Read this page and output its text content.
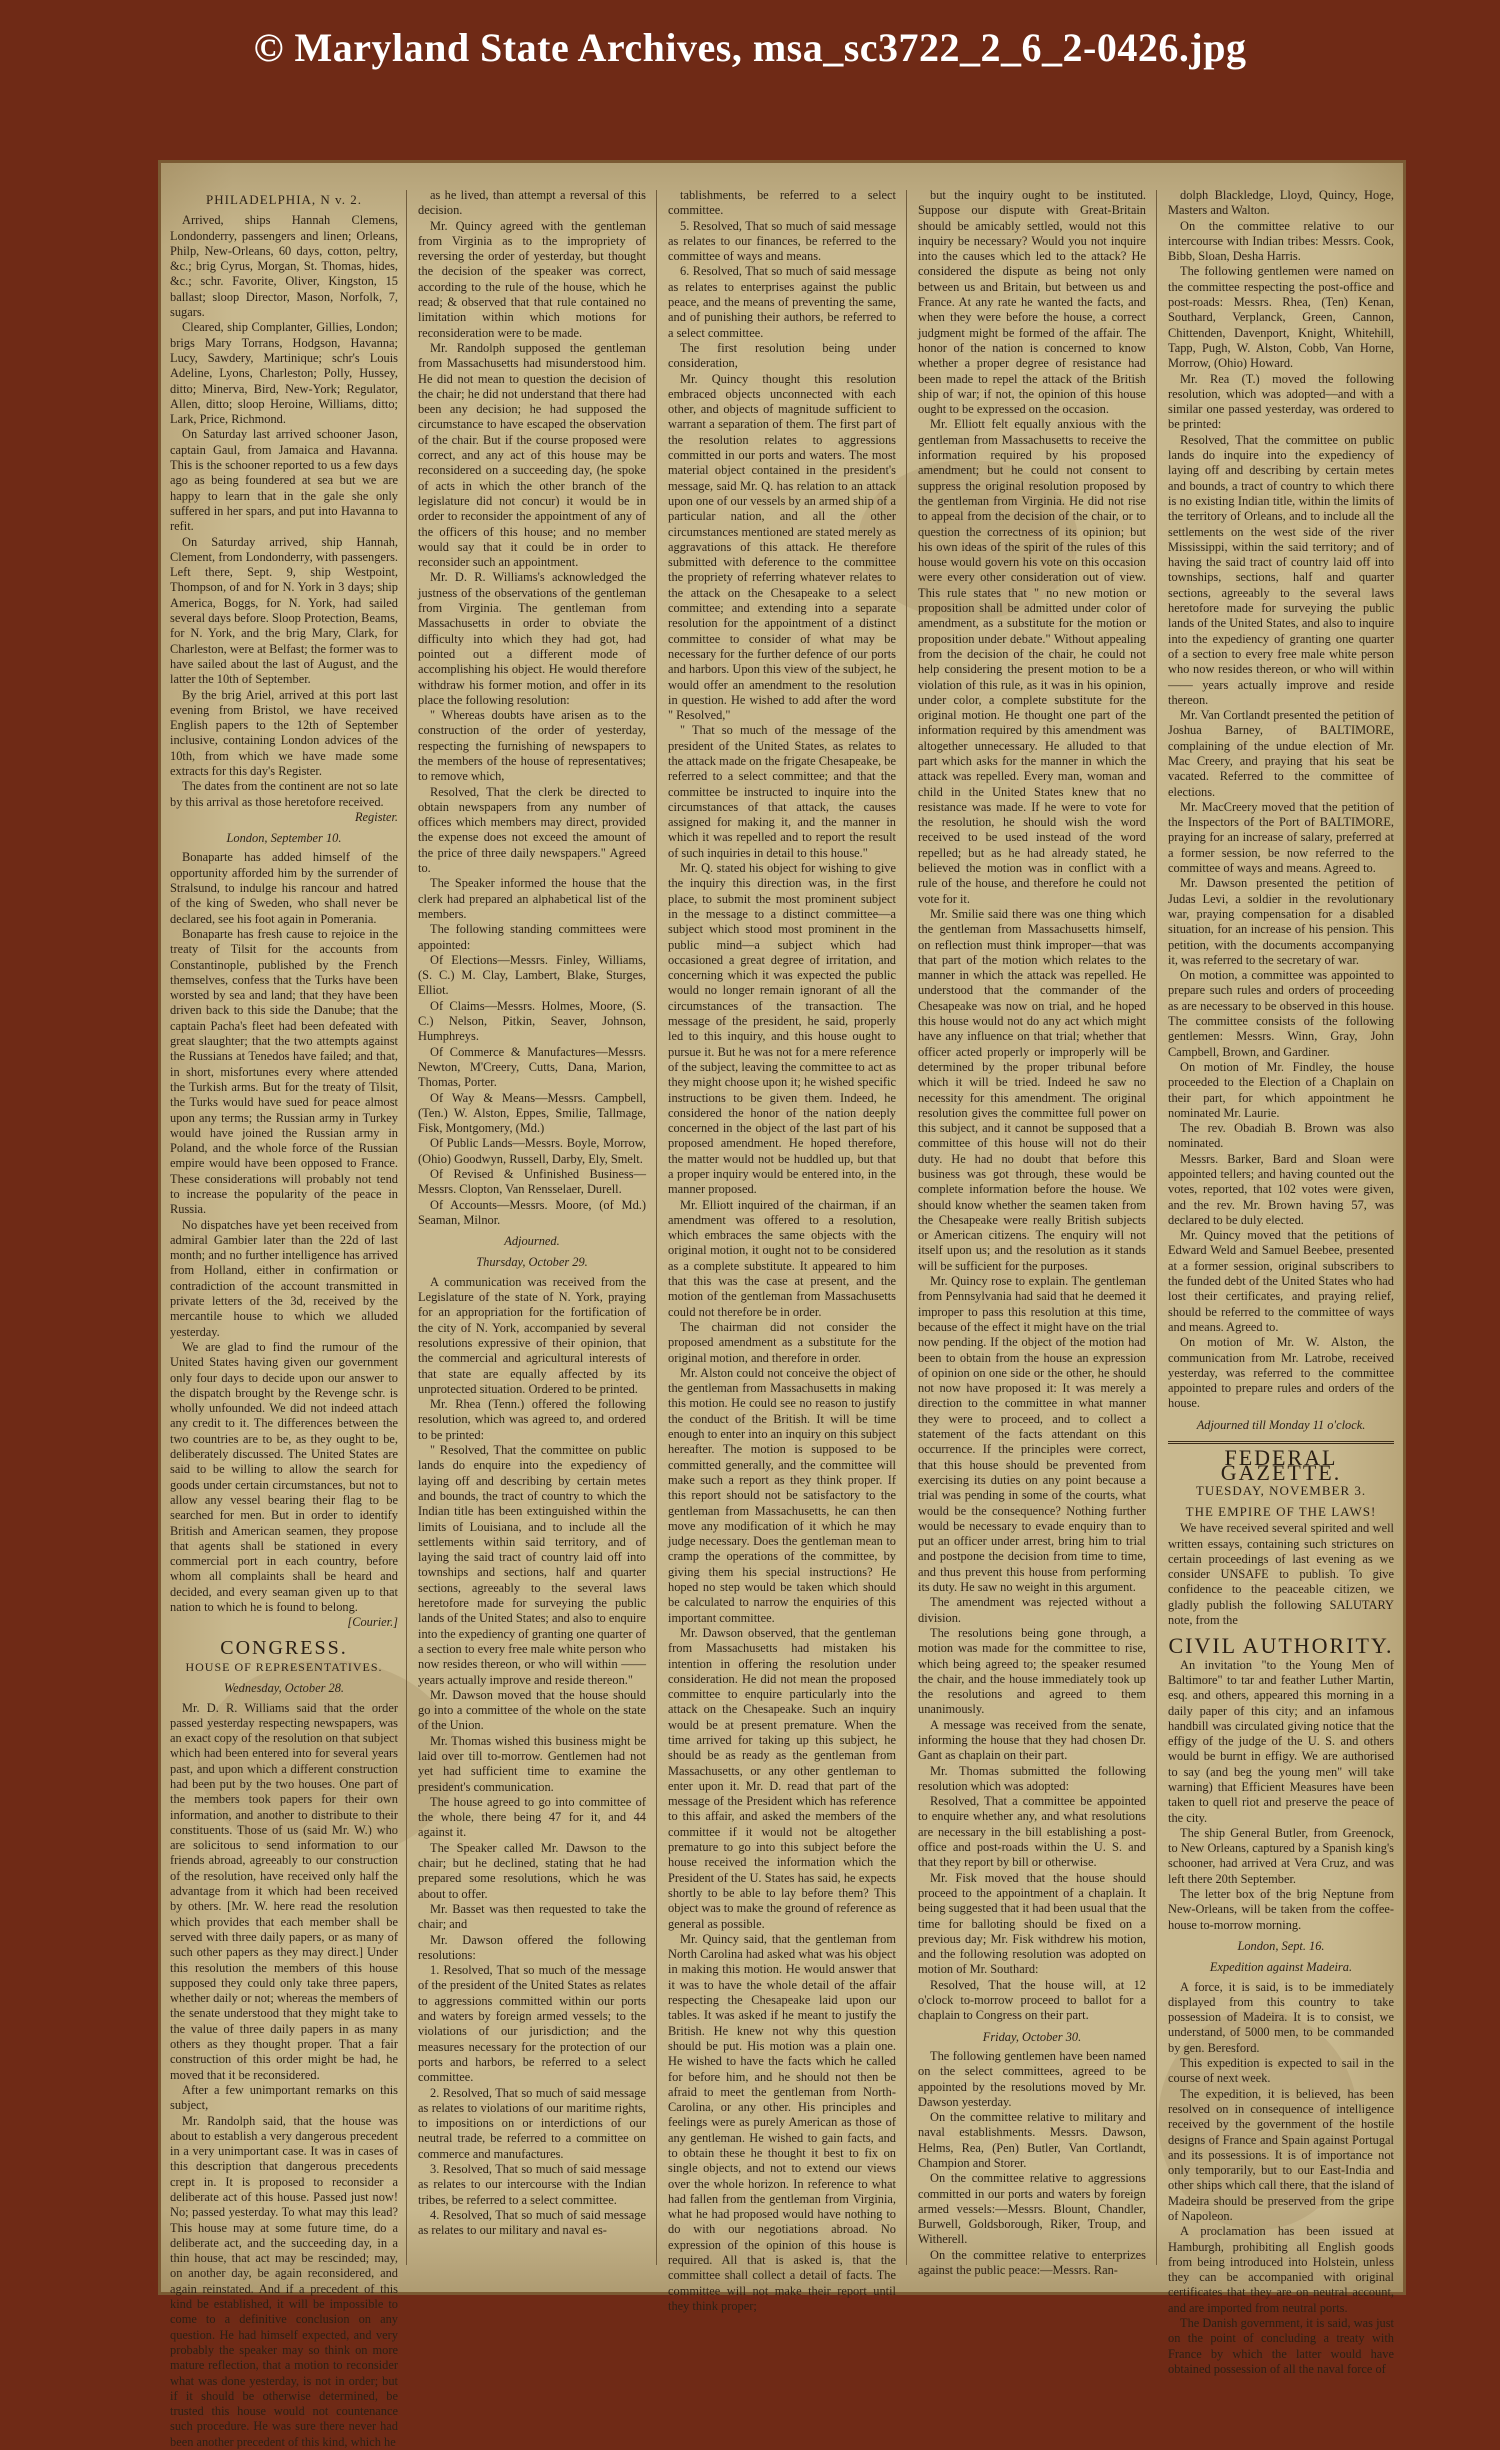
© Maryland State Archives, msa_sc3722_2_6_2-0426.jpg
PHILADELPHIA, N v. 2.

Arrived, ships Hannah Clemens, Londonderry, passengers and linen; Orleans, Philp, New-Orleans, 60 days, cotton, peltry, &c.; brig Cyrus, Morgan, St. Thomas, hides, &c.; schr. Favorite, Oliver, Kingston, 15 ballast; sloop Director, Mason, Norfolk, 7, sugars.

Cleared, ship Complanter, Gillies, London; brigs Mary Torrans, Hodgson, Havanna; Lucy, Sawdery, Martinique; schr's Louis Adeline, Lyons, Charleston; Polly, Hussey, ditto; Minerva, Bird, New-York; Regulator, Allen, ditto; sloop Heroine, Williams, ditto; Lark, Price, Richmond.

On Saturday last arrived schooner Jason, captain Gaul, from Jamaica and Havanna. This is the schooner reported to us a few days ago as being foundered at sea but we are happy to learn that in the gale she only suffered in her spars, and put into Havanna to refit.

On Saturday arrived, ship Hannah, Clement, from Londonderry, with passengers. Left there, Sept. 9, ship Westpoint, Thompson, of and for N. York in 3 days; ship America, Boggs, for N. York, had sailed several days before. Sloop Protection, Beams, for N. York, and the brig Mary, Clark, for Charleston, were at Belfast; the former was to have sailed about the last of August, and the latter the 10th of September.

By the brig Ariel, arrived at this port last evening from Bristol, we have received English papers to the 12th of September inclusive, containing London advices of the 10th, from which we have made some extracts for this day's Register.

The dates from the continent are not so late by this arrival as those heretofore received.

Register.
London, September 10.

Bonaparte has added himself of the opportunity afforded him by the surrender of Stralsund, to indulge his rancour and hatred of the king of Sweden, who shall never be declared, see his foot again in Pomerania.

Bonaparte has fresh cause to rejoice in the treaty of Tilsit for the accounts from Constantinople, published by the French themselves, confess that the Turks have been worsted by sea and land; that they have been driven back to this side the Danube; that the captain Pacha's fleet had been defeated with great slaughter; that the two attempts against the Russians at Tenedos have failed; and that, in short, misfortunes every where attended the Turkish arms. But for the treaty of Tilsit, the Turks would have sued for peace almost upon any terms; the Russian army in Turkey would have joined the Russian army in Poland, and the whole force of the Russian empire would have been opposed to France. These considerations will probably not tend to increase the popularity of the peace in Russia.

No dispatches have yet been received from admiral Gambier later than the 22d of last month; and no further intelligence has arrived from Holland, either in confirmation or contradiction of the account transmitted in private letters of the 3d, received by the mercantile house to which we alluded yesterday.

We are glad to find the rumour of the United States having given our government only four days to decide upon our answer to the dispatch brought by the Revenge schr. is wholly unfounded. We did not indeed attach any credit to it. The differences between the two countries are to be, as they ought to be, deliberately discussed. The United States are said to be willing to allow the search for goods under certain circumstances, but not to allow any vessel bearing their flag to be searched for men. But in order to identify British and American seamen, they propose that agents shall be stationed in every commercial port in each country, before whom all complaints shall be heard and decided, and every seaman given up to that nation to which he is found to belong.

[Courier.]
CONGRESS.
HOUSE OF REPRESENTATIVES.
Wednesday, October 28.

Mr. D. R. Williams said that the order passed yesterday respecting newspapers, was an exact copy of the resolution on that subject which had been entered into for several years past, and upon which a different construction had been put by the two houses. One part of the members took papers for their own information, and another to distribute to their constituents. Those of us (said Mr. W.) who are solicitous to send information to our friends abroad, agreeably to our construction of the resolution, have received only half the advantage from it which had been received by others. [Mr. W. here read the resolution which provides that each member shall be served with three daily papers, or as many of such other papers as they may direct.] Under this resolution the members of this house supposed they could only take three papers, whether daily or not; whereas the members of the senate understood that they might take to the value of three daily papers in as many others as they thought proper. That a fair construction of this order might be had, he moved that it be reconsidered.

After a few unimportant remarks on this subject,

Mr. Randolph said, that the house was about to establish a very dangerous precedent in a very unimportant case. It was in cases of this description that dangerous precedents crept in. It is proposed to reconsider a deliberate act of this house. Passed just now! No; passed yesterday. To what may this lead? This house may at some future time, do a deliberate act, and the succeeding day, in a thin house, that act may be rescinded; may, on another day, be again reconsidered, and again reinstated. And if a precedent of this kind be established, it will be impossible to come to a definitive conclusion on any question. He had himself expected, and very probably the speaker may so think on more mature reflection, that a motion to reconsider what was done yesterday, is not in order; but if it should be otherwise determined, be trusted this house would not countenance such procedure. He was sure there never had been another precedent of this kind, which he

as he lived, than attempt a reversal of this decision.

Mr. Quincy agreed with the gentleman from Virginia as to the impropriety of reversing the order of yesterday, but thought the decision of the speaker was correct, according to the rule of the house, which he read; & observed that that rule contained no limitation within which motions for reconsideration were to be made.

Mr. Randolph supposed the gentleman from Massachusetts had misunderstood him. He did not mean to question the decision of the chair; he did not understand that there had been any decision; he had supposed the circumstance to have escaped the observation of the chair. But if the course proposed were correct, and any act of this house may be reconsidered on a succeeding day, (he spoke of acts in which the other branch of the legislature did not concur) it would be in order to reconsider the appointment of any of the officers of this house; and no member would say that it could be in order to reconsider such an appointment.

Mr. D. R. Williams's acknowledged the justness of the observations of the gentleman from Virginia. The gentleman from Massachusetts in order to obviate the difficulty into which they had got, had pointed out a different mode of accomplishing his object. He would therefore withdraw his former motion, and offer in its place the following resolution:

" Whereas doubts have arisen as to the construction of the order of yesterday, respecting the furnishing of newspapers to the members of the house of representatives; to remove which,

Resolved, That the clerk be directed to obtain newspapers from any number of offices which members may direct, provided the expense does not exceed the amount of the price of three daily newspapers." Agreed to.

The Speaker informed the house that the clerk had prepared an alphabetical list of the members.

The following standing committees were appointed:

Of Elections—Messrs. Finley, Williams, (S. C.) M. Clay, Lambert, Blake, Sturges, Elliot.

Of Claims—Messrs. Holmes, Moore, (S. C.) Nelson, Pitkin, Seaver, Johnson, Humphreys.

Of Commerce & Manufactures—Messrs. Newton, M'Creery, Cutts, Dana, Marion, Thomas, Porter.

Of Way & Means—Messrs. Campbell, (Ten.) W. Alston, Eppes, Smilie, Tallmage, Fisk, Montgomery, (Md.)

Of Public Lands—Messrs. Boyle, Morrow, (Ohio) Goodwyn, Russell, Darby, Ely, Smelt.

Of Revised & Unfinished Business—Messrs. Clopton, Van Rensselaer, Durell.

Of Accounts—Messrs. Moore, (of Md.) Seaman, Milnor.

Adjourned.
Thursday, October 29.

A communication was received from the Legislature of the state of N. York, praying for an appropriation for the fortification of the city of N. York, accompanied by several resolutions expressive of their opinion, that the commercial and agricultural interests of that state are equally affected by its unprotected situation. Ordered to be printed.

Mr. Rhea (Tenn.) offered the following resolution, which was agreed to, and ordered to be printed:

" Resolved, That the committee on public lands do enquire into the expediency of laying off and describing by certain metes and bounds, the tract of country to which the Indian title has been extinguished within the limits of Louisiana, and to include all the settlements within said territory, and of laying the said tract of country laid off into townships and sections, half and quarter sections, agreeably to the several laws heretofore made for surveying the public lands of the United States; and also to enquire into the expediency of granting one quarter of a section to every free male white person who now resides thereon, or who will within —— years actually improve and reside thereon."

Mr. Dawson moved that the house should go into a committee of the whole on the state of the Union.

Mr. Thomas wished this business might be laid over till to-morrow. Gentlemen had not yet had sufficient time to examine the president's communication.

The house agreed to go into committee of the whole, there being 47 for it, and 44 against it.

The Speaker called Mr. Dawson to the chair; but he declined, stating that he had prepared some resolutions, which he was about to offer.

Mr. Basset was then requested to take the chair; and

Mr. Dawson offered the following resolutions:

1. Resolved, That so much of the message of the president of the United States as relates to aggressions committed within our ports and waters by foreign armed vessels; to the violations of our jurisdiction; and the measures necessary for the protection of our ports and harbors, be referred to a select committee.

2. Resolved, That so much of said message as relates to violations of our maritime rights, to impositions on or interdictions of our neutral trade, be referred to a committee on commerce and manufactures.

3. Resolved, That so much of said message as relates to our intercourse with the Indian tribes, be referred to a select committee.

4. Resolved, That so much of said message as relates to our military and naval es-

tablishments, be referred to a select committee.

5. Resolved, That so much of said message as relates to our finances, be referred to the committee of ways and means.

6. Resolved, That so much of said message as relates to enterprises against the public peace, and the means of preventing the same, and of punishing their authors, be referred to a select committee.

The first resolution being under consideration,

Mr. Quincy thought this resolution embraced objects unconnected with each other, and objects of magnitude sufficient to warrant a separation of them. The first part of the resolution relates to aggressions committed in our ports and waters. The most material object contained in the president's message, said Mr. Q. has relation to an attack upon one of our vessels by an armed ship of a particular nation, and all the other circumstances mentioned are stated merely as aggravations of this attack. He therefore submitted with deference to the committee the propriety of referring whatever relates to the attack on the Chesapeake to a select committee; and extending into a separate resolution for the appointment of a distinct committee to consider of what may be necessary for the further defence of our ports and harbors. Upon this view of the subject, he would offer an amendment to the resolution in question. He wished to add after the word " Resolved,"

" That so much of the message of the president of the United States, as relates to the attack made on the frigate Chesapeake, be referred to a select committee; and that the committee be instructed to inquire into the circumstances of that attack, the causes assigned for making it, and the manner in which it was repelled and to report the result of such inquiries in detail to this house."

Mr. Q. stated his object for wishing to give the inquiry this direction was, in the first place, to submit the most prominent subject in the message to a distinct committee—a subject which stood most prominent in the public mind—a subject which had occasioned a great degree of irritation, and concerning which it was expected the public would no longer remain ignorant of all the circumstances of the transaction. The message of the president, he said, properly led to this inquiry, and this house ought to pursue it. But he was not for a mere reference of the subject, leaving the committee to act as they might choose upon it; he wished specific instructions to be given them. Indeed, he considered the honor of the nation deeply concerned in the object of the last part of his proposed amendment. He hoped therefore, the matter would not be huddled up, but that a proper inquiry would be entered into, in the manner proposed.

Mr. Elliott inquired of the chairman, if an amendment was offered to a resolution, which embraces the same objects with the original motion, it ought not to be considered as a complete substitute. It appeared to him that this was the case at present, and the motion of the gentleman from Massachusetts could not therefore be in order.

The chairman did not consider the proposed amendment as a substitute for the original motion, and therefore in order.

Mr. Alston could not conceive the object of the gentleman from Massachusetts in making this motion. He could see no reason to justify the conduct of the British. It will be time enough to enter into an inquiry on this subject hereafter. The motion is supposed to be committed generally, and the committee will make such a report as they think proper. If this report should not be satisfactory to the gentleman from Massachusetts, he can then move any modification of it which he may judge necessary. Does the gentleman mean to cramp the operations of the committee, by giving them his special instructions? He hoped no step would be taken which should be calculated to narrow the enquiries of this important committee.

Mr. Dawson observed, that the gentleman from Massachusetts had mistaken his intention in offering the resolution under consideration. He did not mean the proposed committee to enquire particularly into the attack on the Chesapeake. Such an inquiry would be at present premature. When the time arrived for taking up this subject, he should be as ready as the gentleman from Massachusetts, or any other gentleman to enter upon it. Mr. D. read that part of the message of the President which has reference to this affair, and asked the members of the committee if it would not be altogether premature to go into this subject before the house received the information which the President of the U. States has said, he expects shortly to be able to lay before them? This object was to make the ground of reference as general as possible.

Mr. Quincy said, that the gentleman from North Carolina had asked what was his object in making this motion. He would answer that it was to have the whole detail of the affair respecting the Chesapeake laid upon our tables. It was asked if he meant to justify the British. He knew not why this question should be put. His motion was a plain one. He wished to have the facts which he called for before him, and he should not then be afraid to meet the gentleman from North-Carolina, or any other. His principles and feelings were as purely American as those of any gentleman. He wished to gain facts, and to obtain these he thought it best to fix on single objects, and not to extend our views over the whole horizon. In reference to what had fallen from the gentleman from Virginia, what he had proposed would have nothing to do with our negotiations abroad. No expression of the opinion of this house is required. All that is asked is, that the committee shall collect a detail of facts. The committee will not make their report until they think proper;

but the inquiry ought to be instituted. Suppose our dispute with Great-Britain should be amicably settled, would not this inquiry be necessary? Would you not inquire into the causes which led to the attack? He considered the dispute as being not only between us and Britain, but between us and France. At any rate he wanted the facts, and when they were before the house, a correct judgment might be formed of the affair. The honor of the nation is concerned to know whether a proper degree of resistance had been made to repel the attack of the British ship of war; if not, the opinion of this house ought to be expressed on the occasion.

Mr. Elliott felt equally anxious with the gentleman from Massachusetts to receive the information required by his proposed amendment; but he could not consent to suppress the original resolution proposed by the gentleman from Virginia. He did not rise to appeal from the decision of the chair, or to question the correctness of its opinion; but his own ideas of the spirit of the rules of this house would govern his vote on this occasion were every other consideration out of view. This rule states that " no new motion or proposition shall be admitted under color of amendment, as a substitute for the motion or proposition under debate." Without appealing from the decision of the chair, he could not help considering the present motion to be a violation of this rule, as it was in his opinion, under color, a complete substitute for the original motion. He thought one part of the information required by this amendment was altogether unnecessary. He alluded to that part which asks for the manner in which the attack was repelled. Every man, woman and child in the United States knew that no resistance was made. If he were to vote for the resolution, he should wish the word received to be used instead of the word repelled; but as he had already stated, he believed the motion was in conflict with a rule of the house, and therefore he could not vote for it.

Mr. Smilie said there was one thing which the gentleman from Massachusetts himself, on reflection must think improper—that was that part of the motion which relates to the manner in which the attack was repelled. He understood that the commander of the Chesapeake was now on trial, and he hoped this house would not do any act which might have any influence on that trial; whether that officer acted properly or improperly will be determined by the proper tribunal before which it will be tried. Indeed he saw no necessity for this amendment. The original resolution gives the committee full power on this subject, and it cannot be supposed that a committee of this house will not do their duty. He had no doubt that before this business was got through, these would be complete information before the house. We should know whether the seamen taken from the Chesapeake were really British subjects or American citizens. The enquiry will not itself upon us; and the resolution as it stands will be sufficient for the purposes.

Mr. Quincy rose to explain. The gentleman from Pennsylvania had said that he deemed it improper to pass this resolution at this time, because of the effect it might have on the trial now pending. If the object of the motion had been to obtain from the house an expression of opinion on one side or the other, he should not now have proposed it: It was merely a direction to the committee in what manner they were to proceed, and to collect a statement of the facts attendant on this occurrence. If the principles were correct, that this house should be prevented from exercising its duties on any point because a trial was pending in some of the courts, what would be the consequence? Nothing further would be necessary to evade enquiry than to put an officer under arrest, bring him to trial and postpone the decision from time to time, and thus prevent this house from performing its duty. He saw no weight in this argument.

The amendment was rejected without a division.

The resolutions being gone through, a motion was made for the committee to rise, which being agreed to; the speaker resumed the chair, and the house immediately took up the resolutions and agreed to them unanimously.

A message was received from the senate, informing the house that they had chosen Dr. Gant as chaplain on their part.

Mr. Thomas submitted the following resolution which was adopted:

Resolved, That a committee be appointed to enquire whether any, and what resolutions are necessary in the bill establishing a post-office and post-roads within the U. S. and that they report by bill or otherwise.

Mr. Fisk moved that the house should proceed to the appointment of a chaplain. It being suggested that it had been usual that the time for balloting should be fixed on a previous day; Mr. Fisk withdrew his motion, and the following resolution was adopted on motion of Mr. Southard:

Resolved, That the house will, at 12 o'clock to-morrow proceed to ballot for a chaplain to Congress on their part.

Friday, October 30.

The following gentlemen have been named on the select committees, agreed to be appointed by the resolutions moved by Mr. Dawson yesterday.

On the committee relative to military and naval establishments. Messrs. Dawson, Helms, Rea, (Pen) Butler, Van Cortlandt, Champion and Storer.

On the committee relative to aggressions committed in our ports and waters by foreign armed vessels:—Messrs. Blount, Chandler, Burwell, Goldsborough, Riker, Troup, and Witherell.

On the committee relative to enterprizes against the public peace:—Messrs. Ran-

dolph Blackledge, Lloyd, Quincy, Hoge, Masters and Walton.

On the committee relative to our intercourse with Indian tribes: Messrs. Cook, Bibb, Sloan, Desha Harris.

The following gentlemen were named on the committee respecting the post-office and post-roads: Messrs. Rhea, (Ten) Kenan, Southard, Verplanck, Green, Cannon, Chittenden, Davenport, Knight, Whitehill, Tapp, Pugh, W. Alston, Cobb, Van Horne, Morrow, (Ohio) Howard.

Mr. Rea (T.) moved the following resolution, which was adopted—and with a similar one passed yesterday, was ordered to be printed:

Resolved, That the committee on public lands do inquire into the expediency of laying off and describing by certain metes and bounds, a tract of country to which there is no existing Indian title, within the limits of the territory of Orleans, and to include all the settlements on the west side of the river Mississippi, within the said territory; and of having the said tract of country laid off into townships, sections, half and quarter sections, agreeably to the several laws heretofore made for surveying the public lands of the United States, and also to inquire into the expediency of granting one quarter of a section to every free male white person who now resides thereon, or who will within —— years actually improve and reside thereon.

Mr. Van Cortlandt presented the petition of Joshua Barney, of BALTIMORE, complaining of the undue election of Mr. Mac Creery, and praying that his seat be vacated. Referred to the committee of elections.

Mr. MacCreery moved that the petition of the Inspectors of the Port of BALTIMORE, praying for an increase of salary, preferred at a former session, be now referred to the committee of ways and means. Agreed to.

Mr. Dawson presented the petition of Judas Levi, a soldier in the revolutionary war, praying compensation for a disabled situation, for an increase of his pension. This petition, with the documents accompanying it, was referred to the secretary of war.

On motion, a committee was appointed to prepare such rules and orders of proceeding as are necessary to be observed in this house. The committee consists of the following gentlemen: Messrs. Winn, Gray, John Campbell, Brown, and Gardiner.

On motion of Mr. Findley, the house proceeded to the Election of a Chaplain on their part, for which appointment he nominated Mr. Laurie.

The rev. Obadiah B. Brown was also nominated.

Messrs. Barker, Bard and Sloan were appointed tellers; and having counted out the votes, reported, that 102 votes were given, and the rev. Mr. Brown having 57, was declared to be duly elected.

Mr. Quincy moved that the petitions of Edward Weld and Samuel Beebee, presented at a former session, original subscribers to the funded debt of the United States who had lost their certificates, and praying relief, should be referred to the committee of ways and means. Agreed to.

On motion of Mr. W. Alston, the communication from Mr. Latrobe, received yesterday, was referred to the committee appointed to prepare rules and orders of the house.

Adjourned till Monday 11 o'clock.
FEDERAL GAZETTE.
TUESDAY, NOVEMBER 3.
THE EMPIRE OF THE LAWS!

We have received several spirited and well written essays, containing such strictures on certain proceedings of last evening as we consider UNSAFE to publish. To give confidence to the peaceable citizen, we gladly publish the following SALUTARY note, from the

CIVIL AUTHORITY.

An invitation "to the Young Men of Baltimore" to tar and feather Luther Martin, esq. and others, appeared this morning in a daily paper of this city; and an infamous handbill was circulated giving notice that the effigy of the judge of the U. S. and others would be burnt in effigy. We are authorised to say (and beg the young men" will take warning) that Efficient Measures have been taken to quell riot and preserve the peace of the city.

The ship General Butler, from Greenock, to New Orleans, captured by a Spanish king's schooner, had arrived at Vera Cruz, and was left there 20th September.

The letter box of the brig Neptune from New-Orleans, will be taken from the coffee-house to-morrow morning.

London, Sept. 16.
Expedition against Madeira.

A force, it is said, is to be immediately displayed from this country to take possession of Madeira. It is to consist, we understand, of 5000 men, to be commanded by gen. Beresford.

This expedition is expected to sail in the course of next week.

The expedition, it is believed, has been resolved on in consequence of intelligence received by the government of the hostile designs of France and Spain against Portugal and its possessions. It is of importance not only temporarily, but to our East-India and other ships which call there, that the island of Madeira should be preserved from the gripe of Napoleon.

A proclamation has been issued at Hamburgh, prohibiting all English goods from being introduced into Holstein, unless they can be accompanied with original certificates that they are on neutral account, and are imported from neutral ports.

The Danish government, it is said, was just on the point of concluding a treaty with France by which the latter would have obtained possession of all the naval force of
